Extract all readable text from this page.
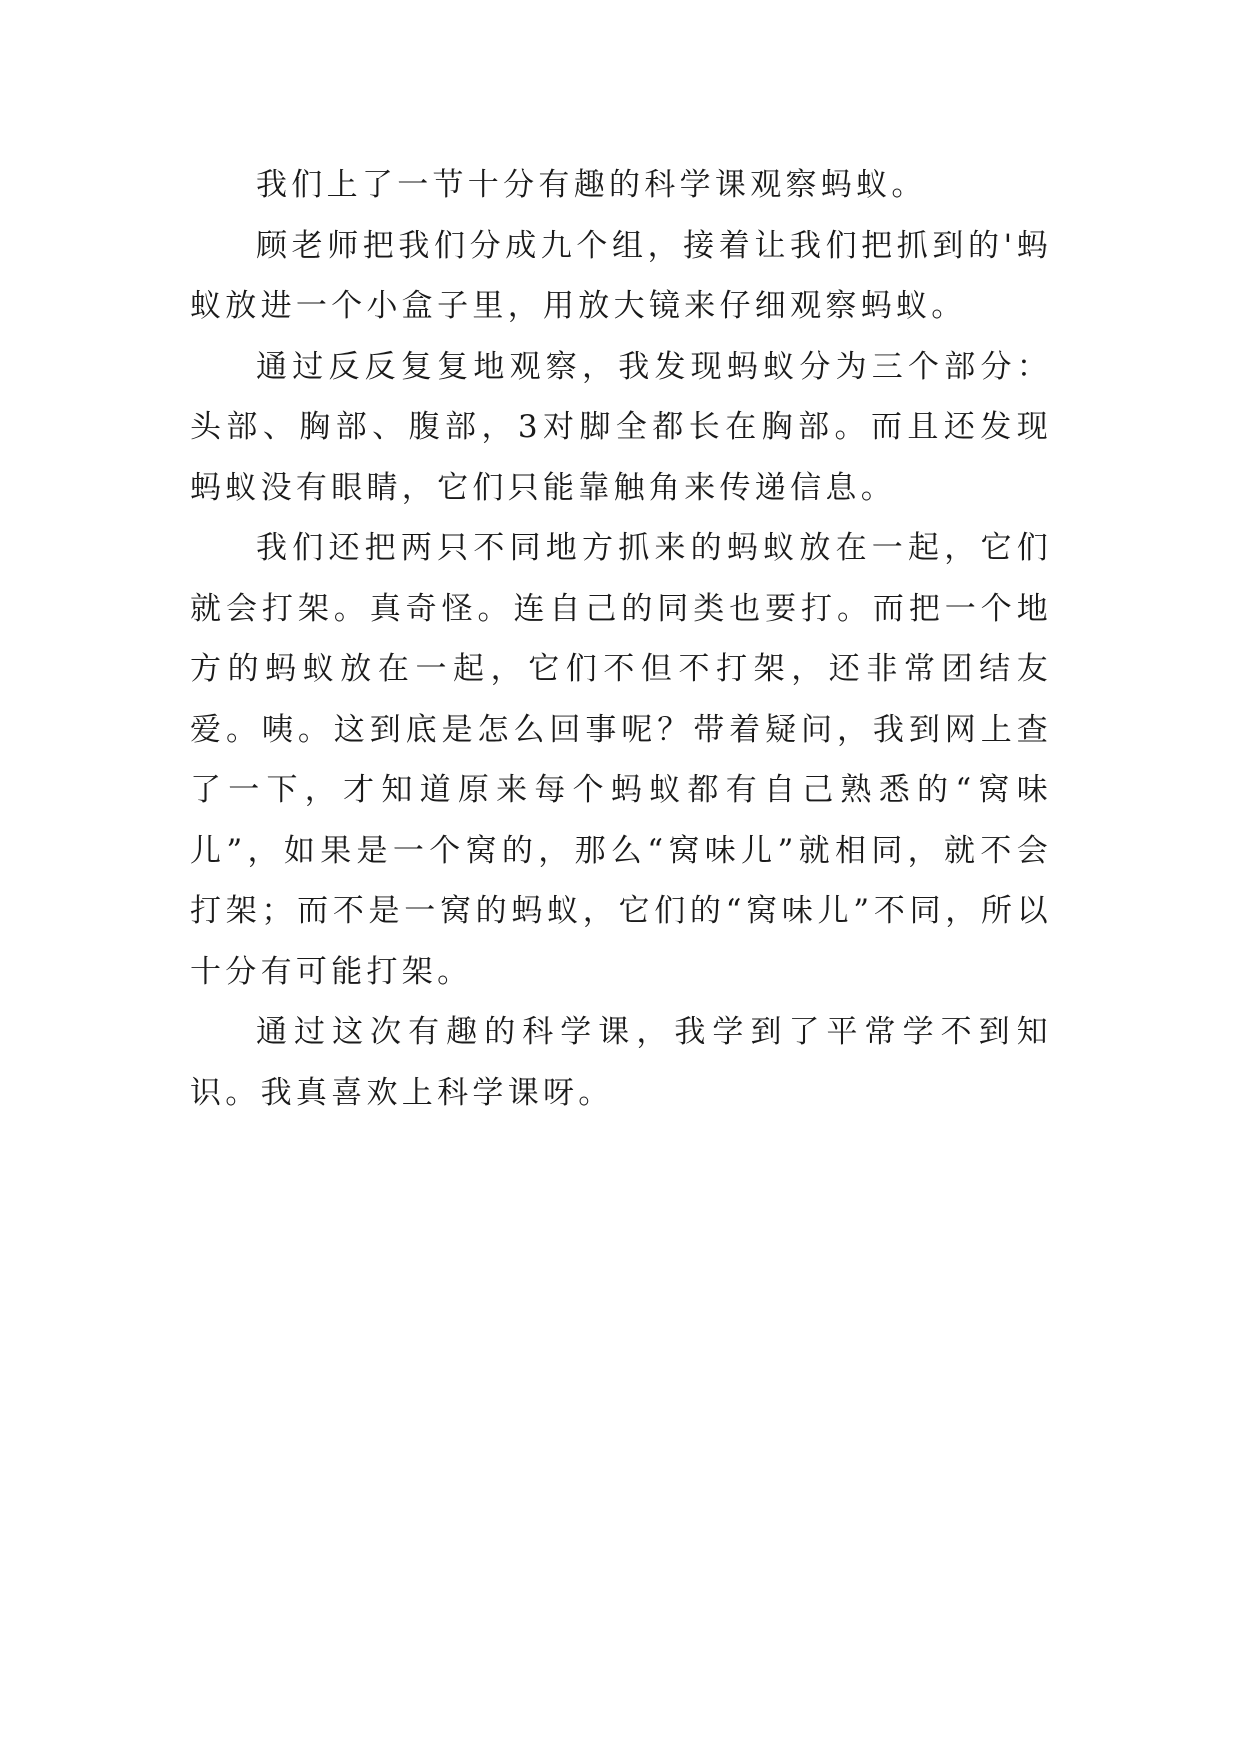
我们上了一节十分有趣的科学课观察蚂蚁。

顾老师把我们分成九个组，接着让我们把抓到的'蚂蚁放进一个小盒子里，用放大镜来仔细观察蚂蚁。

通过反反复复地观察，我发现蚂蚁分为三个部分：头部、胸部、腹部，3对脚全都长在胸部。而且还发现蚂蚁没有眼睛，它们只能靠触角来传递信息。

我们还把两只不同地方抓来的蚂蚁放在一起，它们就会打架。真奇怪。连自己的同类也要打。而把一个地方的蚂蚁放在一起，它们不但不打架，还非常团结友爱。咦。这到底是怎么回事呢？带着疑问，我到网上查了一下，才知道原来每个蚂蚁都有自己熟悉的“窝味儿”，如果是一个窝的，那么“窝味儿”就相同，就不会打架；而不是一窝的蚂蚁，它们的“窝味儿”不同，所以十分有可能打架。

通过这次有趣的科学课，我学到了平常学不到知识。我真喜欢上科学课呀。
